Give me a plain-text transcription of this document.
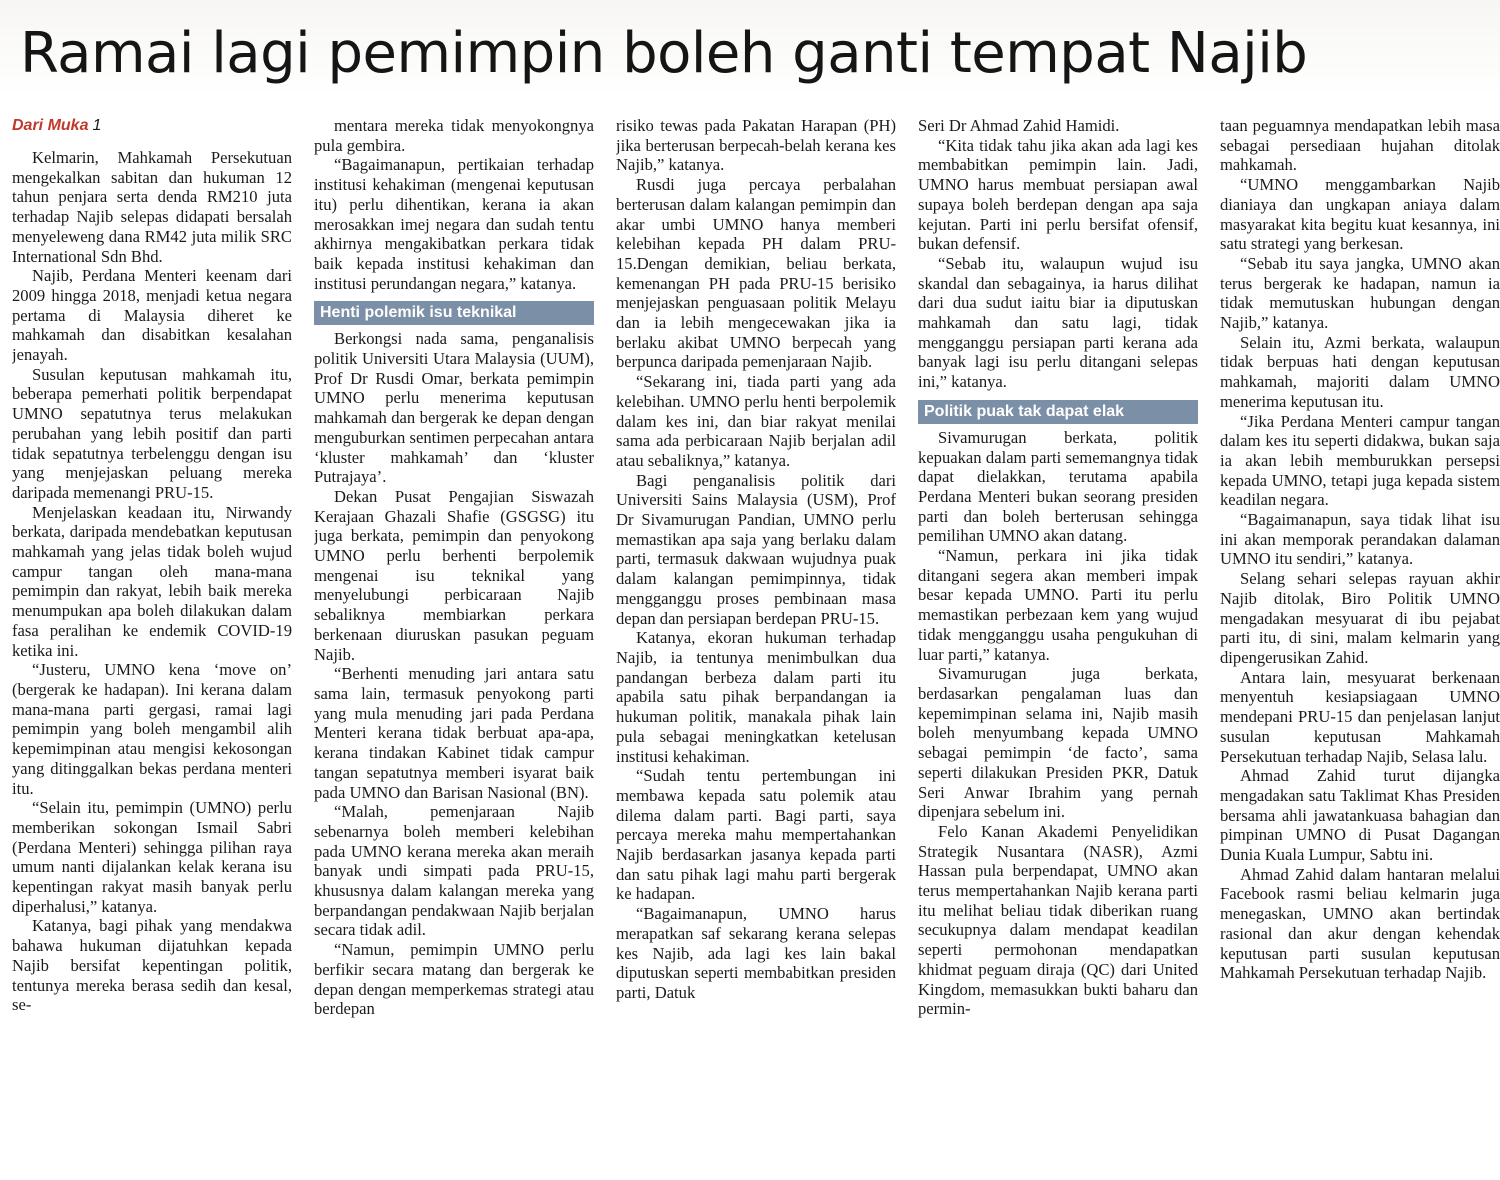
Ramai lagi pemimpin boleh ganti tempat Najib
Dari Muka 1

Kelmarin, Mahkamah Persekutuan mengekalkan sabitan dan hukuman 12 tahun penjara serta denda RM210 juta terhadap Najib selepas didapati bersalah menyeleweng dana RM42 juta milik SRC International Sdn Bhd.

Najib, Perdana Menteri keenam dari 2009 hingga 2018, menjadi ketua negara pertama di Malaysia diheret ke mahkamah dan disabitkan kesalahan jenayah.

Susulan keputusan mahkamah itu, beberapa pemerhati politik berpendapat UMNO sepatutnya terus melakukan perubahan yang lebih positif dan parti tidak sepatutnya terbelenggu dengan isu yang menjejaskan peluang mereka daripada memenangi PRU-15.

Menjelaskan keadaan itu, Nirwandy berkata, daripada mendebatkan keputusan mahkamah yang jelas tidak boleh wujud campur tangan oleh mana-mana pemimpin dan rakyat, lebih baik mereka menumpukan apa boleh dilakukan dalam fasa peralihan ke endemik COVID-19 ketika ini.

“Justeru, UMNO kena ‘move on’ (bergerak ke hadapan). Ini kerana dalam mana-mana parti gergasi, ramai lagi pemimpin yang boleh mengambil alih kepemimpinan atau mengisi kekosongan yang ditinggalkan bekas perdana menteri itu.

“Selain itu, pemimpin (UMNO) perlu memberikan sokongan Ismail Sabri (Perdana Menteri) sehingga pilihan raya umum nanti dijalankan kelak kerana isu kepentingan rakyat masih banyak perlu diperhalusi,” katanya.

Katanya, bagi pihak yang mendakwa bahawa hukuman dijatuhkan kepada Najib bersifat kepentingan politik, tentunya mereka berasa sedih dan kesal, se-

mentara mereka tidak menyokongnya pula gembira.

“Bagaimanapun, pertikaian terhadap institusi kehakiman (mengenai keputusan itu) perlu dihentikan, kerana ia akan merosakkan imej negara dan sudah tentu akhirnya mengakibatkan perkara tidak baik kepada institusi kehakiman dan institusi perundangan negara,” katanya.

Henti polemik isu teknikal

Berkongsi nada sama, penganalisis politik Universiti Utara Malaysia (UUM), Prof Dr Rusdi Omar, berkata pemimpin UMNO perlu menerima keputusan mahkamah dan bergerak ke depan dengan menguburkan sentimen perpecahan antara ‘kluster mahkamah’ dan ‘kluster Putrajaya’.

Dekan Pusat Pengajian Siswazah Kerajaan Ghazali Shafie (GSGSG) itu juga berkata, pemimpin dan penyokong UMNO perlu berhenti berpolemik mengenai isu teknikal yang menyelubungi perbicaraan Najib sebaliknya membiarkan perkara berkenaan diuruskan pasukan peguam Najib.

“Berhenti menuding jari antara satu sama lain, termasuk penyokong parti yang mula menuding jari pada Perdana Menteri kerana tidak berbuat apa-apa, kerana tindakan Kabinet tidak campur tangan sepatutnya memberi isyarat baik pada UMNO dan Barisan Nasional (BN).

“Malah, pemenjaraan Najib sebenarnya boleh memberi kelebihan pada UMNO kerana mereka akan meraih banyak undi simpati pada PRU-15, khususnya dalam kalangan mereka yang berpandangan pendakwaan Najib berjalan secara tidak adil.

“Namun, pemimpin UMNO perlu berfikir secara matang dan bergerak ke depan dengan memperkemas strategi atau berdepan

risiko tewas pada Pakatan Harapan (PH) jika berterusan berpecah-belah kerana kes Najib,” katanya.

Rusdi juga percaya perbalahan berterusan dalam kalangan pemimpin dan akar umbi UMNO hanya memberi kelebihan kepada PH dalam PRU-15.Dengan demikian, beliau berkata, kemenangan PH pada PRU-15 berisiko menjejaskan penguasaan politik Melayu dan ia lebih mengecewakan jika ia berlaku akibat UMNO berpecah yang berpunca daripada pemenjaraan Najib.

“Sekarang ini, tiada parti yang ada kelebihan. UMNO perlu henti berpolemik dalam kes ini, dan biar rakyat menilai sama ada perbicaraan Najib berjalan adil atau sebaliknya,” katanya.

Bagi penganalisis politik dari Universiti Sains Malaysia (USM), Prof Dr Sivamurugan Pandian, UMNO perlu memastikan apa saja yang berlaku dalam parti, termasuk dakwaan wujudnya puak dalam kalangan pemimpinnya, tidak mengganggu proses pembinaan masa depan dan persiapan berdepan PRU-15.

Katanya, ekoran hukuman terhadap Najib, ia tentunya menimbulkan dua pandangan berbeza dalam parti itu apabila satu pihak berpandangan ia hukuman politik, manakala pihak lain pula sebagai meningkatkan ketelusan institusi kehakiman.

“Sudah tentu pertembungan ini membawa kepada satu polemik atau dilema dalam parti. Bagi parti, saya percaya mereka mahu mempertahankan Najib berdasarkan jasanya kepada parti dan satu pihak lagi mahu parti bergerak ke hadapan.

“Bagaimanapun, UMNO harus merapatkan saf sekarang kerana selepas kes Najib, ada lagi kes lain bakal diputuskan seperti membabitkan presiden parti, Datuk

Seri Dr Ahmad Zahid Hamidi.

“Kita tidak tahu jika akan ada lagi kes membabitkan pemimpin lain. Jadi, UMNO harus membuat persiapan awal supaya boleh berdepan dengan apa saja kejutan. Parti ini perlu bersifat ofensif, bukan defensif.

“Sebab itu, walaupun wujud isu skandal dan sebagainya, ia harus dilihat dari dua sudut iaitu biar ia diputuskan mahkamah dan satu lagi, tidak mengganggu persiapan parti kerana ada banyak lagi isu perlu ditangani selepas ini,” katanya.

Politik puak tak dapat elak

Sivamurugan berkata, politik kepuakan dalam parti sememangnya tidak dapat dielakkan, terutama apabila Perdana Menteri bukan seorang presiden parti dan boleh berterusan sehingga pemilihan UMNO akan datang.

“Namun, perkara ini jika tidak ditangani segera akan memberi impak besar kepada UMNO. Parti itu perlu memastikan perbezaan kem yang wujud tidak mengganggu usaha pengukuhan di luar parti,” katanya.

Sivamurugan juga berkata, berdasarkan pengalaman luas dan kepemimpinan selama ini, Najib masih boleh menyumbang kepada UMNO sebagai pemimpin ‘de facto’, sama seperti dilakukan Presiden PKR, Datuk Seri Anwar Ibrahim yang pernah dipenjara sebelum ini.

Felo Kanan Akademi Penyelidikan Strategik Nusantara (NASR), Azmi Hassan pula berpendapat, UMNO akan terus mempertahankan Najib kerana parti itu melihat beliau tidak diberikan ruang secukupnya dalam mendapat keadilan seperti permohonan mendapatkan khidmat peguam diraja (QC) dari United Kingdom, memasukkan bukti baharu dan permin-

taan peguamnya mendapatkan lebih masa sebagai persediaan hujahan ditolak mahkamah.

“UMNO menggambarkan Najib dianiaya dan ungkapan aniaya dalam masyarakat kita begitu kuat kesannya, ini satu strategi yang berkesan.

“Sebab itu saya jangka, UMNO akan terus bergerak ke hadapan, namun ia tidak memutuskan hubungan dengan Najib,” katanya.

Selain itu, Azmi berkata, walaupun tidak berpuas hati dengan keputusan mahkamah, majoriti dalam UMNO menerima keputusan itu.

“Jika Perdana Menteri campur tangan dalam kes itu seperti didakwa, bukan saja ia akan lebih memburukkan persepsi kepada UMNO, tetapi juga kepada sistem keadilan negara.

“Bagaimanapun, saya tidak lihat isu ini akan memporak perandakan dalaman UMNO itu sendiri,” katanya.

Selang sehari selepas rayuan akhir Najib ditolak, Biro Politik UMNO mengadakan mesyuarat di ibu pejabat parti itu, di sini, malam kelmarin yang dipengerusikan Zahid.

Antara lain, mesyuarat berkenaan menyentuh kesiapsiagaan UMNO mendepani PRU-15 dan penjelasan lanjut susulan keputusan Mahkamah Persekutuan terhadap Najib, Selasa lalu.

Ahmad Zahid turut dijangka mengadakan satu Taklimat Khas Presiden bersama ahli jawatankuasa bahagian dan pimpinan UMNO di Pusat Dagangan Dunia Kuala Lumpur, Sabtu ini.

Ahmad Zahid dalam hantaran melalui Facebook rasmi beliau kelmarin juga menegaskan, UMNO akan bertindak rasional dan akur dengan kehendak keputusan parti susulan keputusan Mahkamah Persekutuan terhadap Najib.
